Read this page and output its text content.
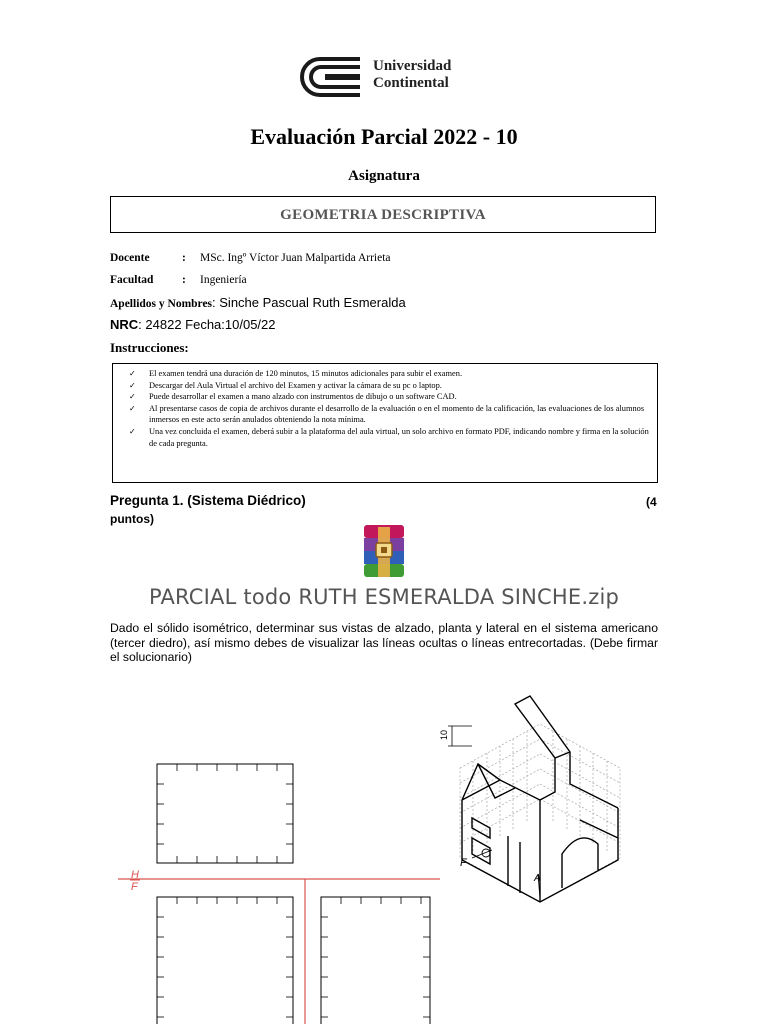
Universidad
Continental
Evaluación Parcial 2022 - 10
Asignatura
GEOMETRIA DESCRIPTIVA
Docente	: MSc. Ingº Víctor Juan Malpartida Arrieta
Facultad : Ingeniería
Apellidos y Nombres: Sinche Pascual Ruth Esmeralda
NRC: 24822 Fecha:10/05/22
Instrucciones:
✓ El examen tendrá una duración de 120 minutos, 15 minutos adicionales para subir el examen.
✓ Descargar del Aula Virtual el archivo del Examen y activar la cámara de su pc o laptop.
✓ Puede desarrollar el examen a mano alzado con instrumentos de dibujo o un software CAD.
✓ Al presentarse casos de copia de archivos durante el desarrollo de la evaluación o en el momento de la calificación, las evaluaciones de los alumnos inmersos en este acto serán anulados obteniendo la nota mínima.
✓ Una vez concluida el examen, deberá subir a la plataforma del aula virtual, un solo archivo en formato PDF, indicando nombre y firma en la solución de cada pregunta.
Pregunta 1. (Sistema Diédrico)	(4
puntos)
PARCIAL todo RUTH ESMERALDA SINCHE.zip
Dado el sólido isométrico, determinar sus vistas de alzado, planta y lateral en el sistema americano (tercer diedro), así mismo debes de visualizar las líneas ocultas o líneas entrecortadas. (Debe firmar el solucionario)
H
F
10
F
A
